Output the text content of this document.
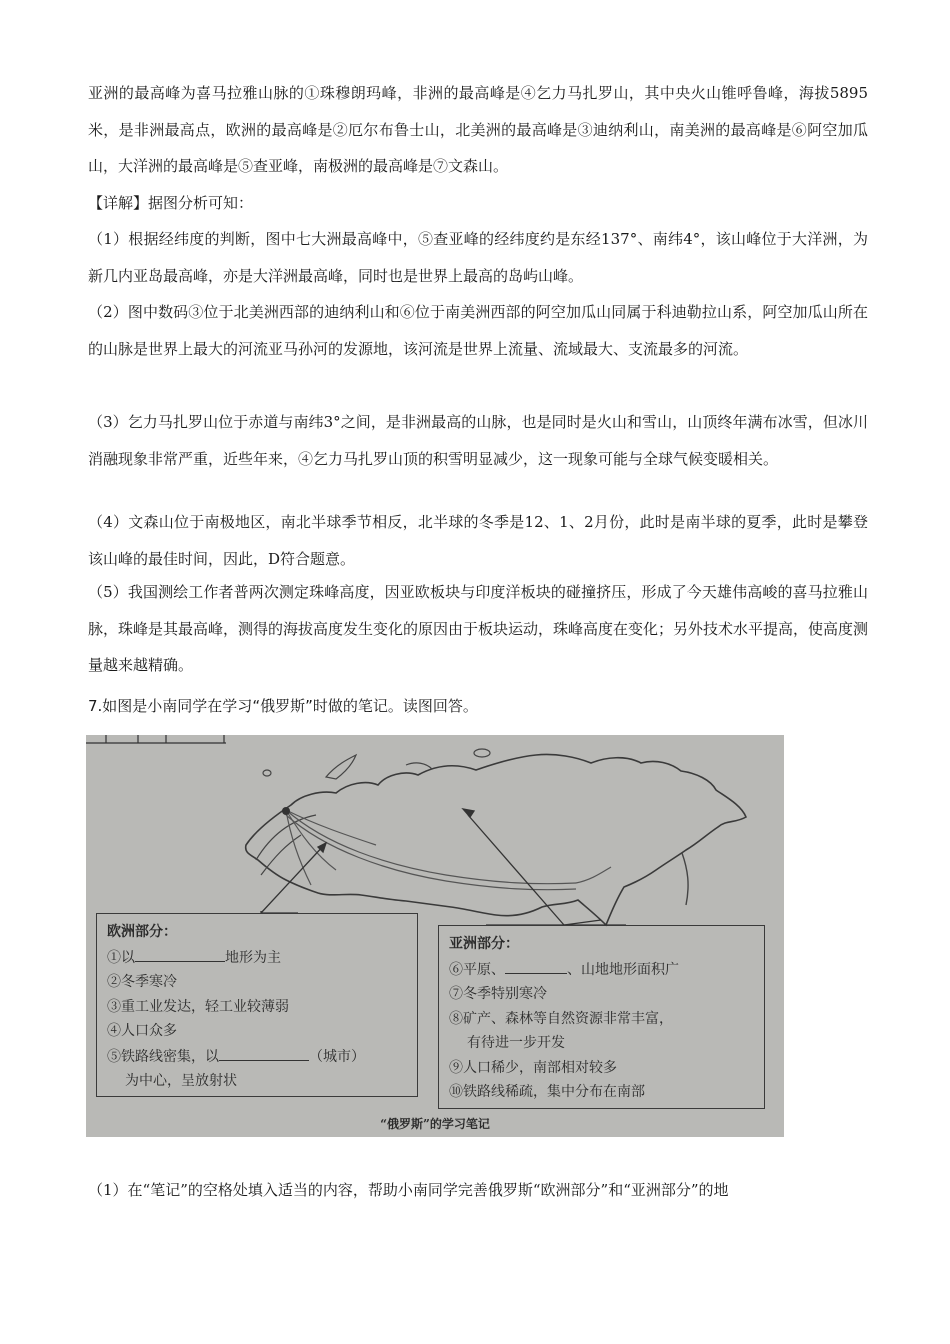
亚洲的最高峰为喜马拉雅山脉的①珠穆朗玛峰，非洲的最高峰是④乞力马扎罗山，其中央火山锥呼鲁峰，海拔5895米，是非洲最高点，欧洲的最高峰是②厄尔布鲁士山，北美洲的最高峰是③迪纳利山，南美洲的最高峰是⑥阿空加瓜山，大洋洲的最高峰是⑤查亚峰，南极洲的最高峰是⑦文森山。

【详解】据图分析可知：

（1）根据经纬度的判断，图中七大洲最高峰中，⑤查亚峰的经纬度约是东经137°、南纬4°，该山峰位于大洋洲，为新几内亚岛最高峰，亦是大洋洲最高峰，同时也是世界上最高的岛屿山峰。

（2）图中数码③位于北美洲西部的迪纳利山和⑥位于南美洲西部的阿空加瓜山同属于科迪勒拉山系，阿空加瓜山所在的山脉是世界上最大的河流亚马孙河的发源地，该河流是世界上流量、流域最大、支流最多的河流。

（3）乞力马扎罗山位于赤道与南纬3°之间，是非洲最高的山脉，也是同时是火山和雪山，山顶终年满布冰雪，但冰川消融现象非常严重，近些年来，④乞力马扎罗山顶的积雪明显减少，这一现象可能与全球气候变暖相关。

（4）文森山位于南极地区，南北半球季节相反，北半球的冬季是12、1、2月份，此时是南半球的夏季，此时是攀登该山峰的最佳时间，因此，D符合题意。

（5）我国测绘工作者普两次测定珠峰高度，因亚欧板块与印度洋板块的碰撞挤压，形成了今天雄伟高峻的喜马拉雅山脉，珠峰是其最高峰，测得的海拔高度发生变化的原因由于板块运动，珠峰高度在变化；另外技术水平提高，使高度测量越来越精确。

7.如图是小南同学在学习“俄罗斯”时做的笔记。读图回答。

欧洲部分：
①以	地形为主
②冬季寒冷
③重工业发达，轻工业较薄弱
④人口众多
⑤铁路线密集，以	（城市）
为中心，呈放射状
亚洲部分：
⑥平原、	、山地地形面积广
⑦冬季特别寒冷
⑧矿产、森林等自然资源非常丰富，
有待进一步开发
⑨人口稀少，南部相对较多
⑩铁路线稀疏，集中分布在南部
“俄罗斯”的学习笔记

（1）在“笔记”的空格处填入适当的内容，帮助小南同学完善俄罗斯“欧洲部分”和“亚洲部分”的地
